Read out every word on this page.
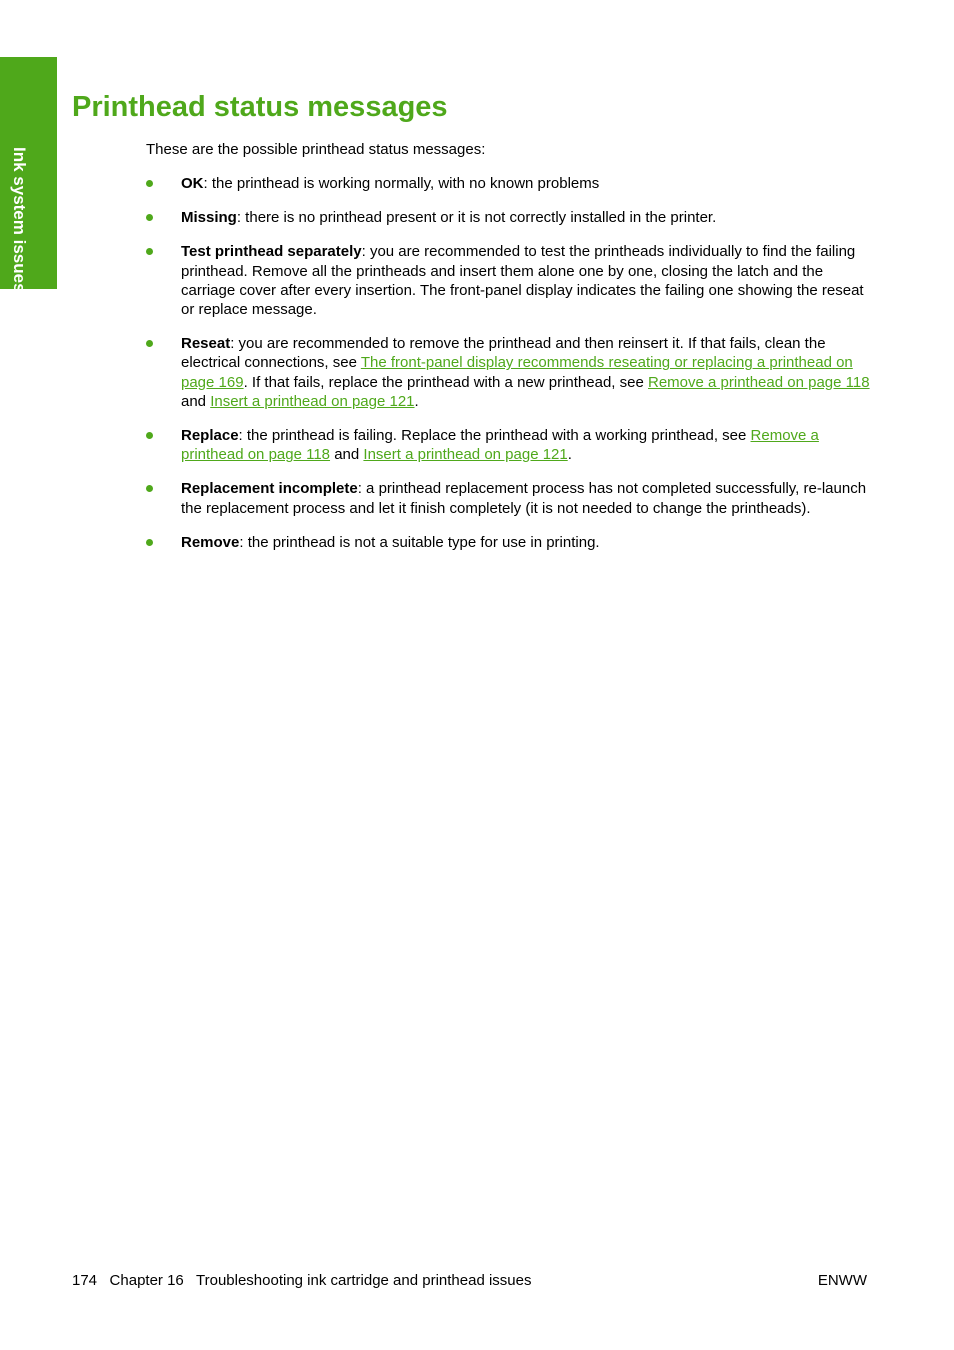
Ink system issues
Printhead status messages

These are the possible printhead status messages:

OK: the printhead is working normally, with no known problems
Missing: there is no printhead present or it is not correctly installed in the printer.
Test printhead separately: you are recommended to test the printheads individually to find the failing printhead. Remove all the printheads and insert them alone one by one, closing the latch and the carriage cover after every insertion. The front-panel display indicates the failing one showing the reseat or replace message.
Reseat: you are recommended to remove the printhead and then reinsert it. If that fails, clean the electrical connections, see The front-panel display recommends reseating or replacing a printhead on page 169. If that fails, replace the printhead with a new printhead, see Remove a printhead on page 118 and Insert a printhead on page 121.
Replace: the printhead is failing. Replace the printhead with a working printhead, see Remove a printhead on page 118 and Insert a printhead on page 121.
Replacement incomplete: a printhead replacement process has not completed successfully, re-launch the replacement process and let it finish completely (it is not needed to change the printheads).
Remove: the printhead is not a suitable type for use in printing.
174 Chapter 16 Troubleshooting ink cartridge and printhead issues	ENWW
